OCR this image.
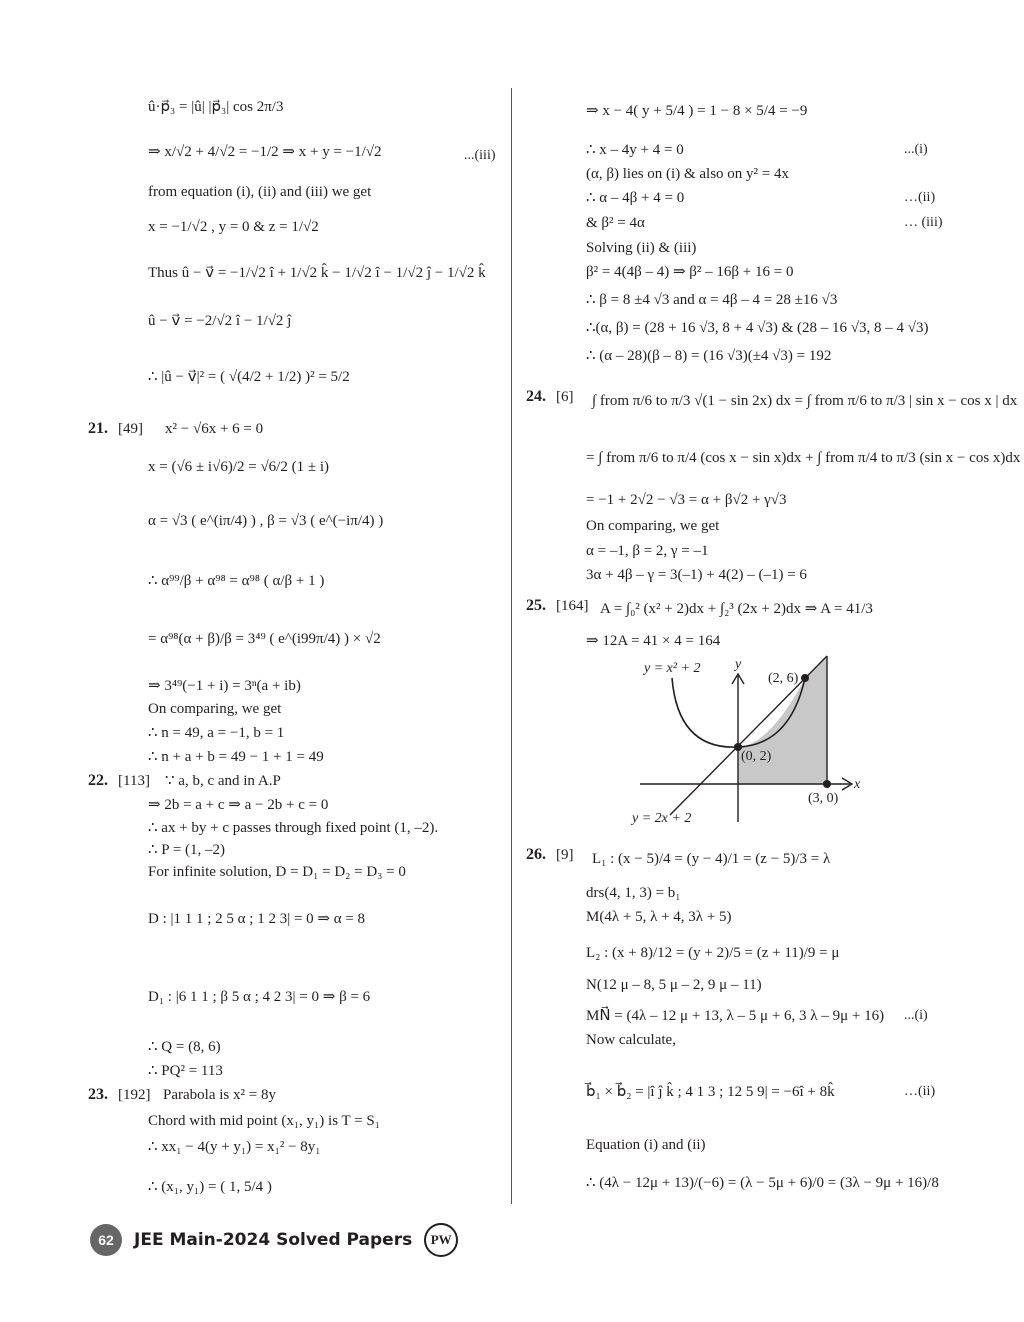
û·p⃗₃ = |û| |p⃗₃| cos 2π/3
⇒ x/√2 + 4/√2 = −1/2 ⇒ x + y = −1/√2
from equation (i), (ii) and (iii) we get
x = −1/√2 , y = 0 & z = 1/√2
Thus û − v⃗ = −1/√2 î + 1/√2 k̂ − 1/√2 î − 1/√2 ĵ − 1/√2 k̂
û − v⃗ = −2/√2 î − 1/√2 ĵ
∴ |û − v⃗|² = ( √(4/2 + 1/2) )² = 5/2
x² − √6x + 6 = 0
x = (√6 ± i√6)/2 = √6/2 (1 ± i)
α = √3 ( e^(iπ/4) ) , β = √3 ( e^(−iπ/4) )
∴ α⁹⁹/β + α⁹⁸ = α⁹⁸ ( α/β + 1 )
= α⁹⁸(α + β)/β = 3⁴⁹ ( e^(i99π/4) ) × √2
⇒ 3⁴⁹(−1 + i) = 3ⁿ(a + ib)
On comparing, we get
∴ n = 49, a = −1, b = 1
∴ n + a + b = 49 − 1 + 1 = 49
∵ a, b, c and in A.P
⇒ 2b = a + c ⇒ a − 2b + c = 0
∴ ax + by + c passes through fixed point (1, –2).
∴ P = (1, –2)
For infinite solution, D = D₁ = D₂ = D₃ = 0
D : |1 1 1 ; 2 5 α ; 1 2 3| = 0 ⇒ α = 8
D₁ : |6 1 1 ; β 5 α ; 4 2 3| = 0 ⇒ β = 6
∴ Q = (8, 6)
∴ PQ² = 113
Parabola is x² = 8y
Chord with mid point (x₁, y₁) is T = S₁
∴ xx₁ − 4(y + y₁) = x₁² − 8y₁
∴ (x₁, y₁) = ( 1, 5/4 )
...(iii)
21. [49]
22. [113]
23. [192]
⇒ x − 4( y + 5/4 ) = 1 − 8 × 5/4 = −9
∴ x – 4y + 4 = 0
(α, β) lies on (i) & also on y² = 4x
∴ α – 4β + 4 = 0
& β² = 4α
Solving (ii) & (iii)
β² = 4(4β – 4) ⇒ β² – 16β + 16 = 0
∴ β = 8 ±4 √3 and α = 4β – 4 = 28 ±16 √3
∴(α, β) = (28 + 16 √3, 8 + 4 √3) & (28 – 16 √3, 8 – 4 √3)
∴ (α – 28)(β – 8) = (16 √3)(±4 √3) = 192
∫ from π/6 to π/3 √(1 − sin 2x) dx = ∫ from π/6 to π/3 | sin x − cos x | dx
= ∫ from π/6 to π/4 (cos x − sin x)dx + ∫ from π/4 to π/3 (sin x − cos x)dx
= −1 + 2√2 − √3 = α + β√2 + γ√3
On comparing, we get
α = –1, β = 2, γ = –1
3α + 4β – γ = 3(–1) + 4(2) – (–1) = 6
A = ∫₀² (x² + 2)dx + ∫₂³ (2x + 2)dx ⇒ A = 41/3
⇒ 12A = 41 × 4 = 164
L₁ : (x − 5)/4 = (y − 4)/1 = (z − 5)/3 = λ
drs(4, 1, 3) = b₁
M(4λ + 5, λ + 4, 3λ + 5)
L₂ : (x + 8)/12 = (y + 2)/5 = (z + 11)/9 = μ
N(12 μ – 8, 5 μ – 2, 9 μ – 11)
MN⃗ = (4λ – 12 μ + 13, λ – 5 μ + 6, 3 λ – 9μ + 16)
Now calculate,
b⃗₁ × b⃗₂ = |î ĵ k̂ ; 4 1 3 ; 12 5 9| = −6î + 8k̂
Equation (i) and (ii)
∴ (4λ − 12μ + 13)/(−6) = (λ − 5μ + 6)/0 = (3λ − 9μ + 16)/8
...(i)
…(ii)
… (iii)
...(i)
…(ii)
24. [6]
25. [164]
26. [9]
y = x² + 2 y
(2, 6)
(0, 2)
x
(3, 0)
y = 2x + 2
62	JEE Main-2024 Solved Papers	PW
